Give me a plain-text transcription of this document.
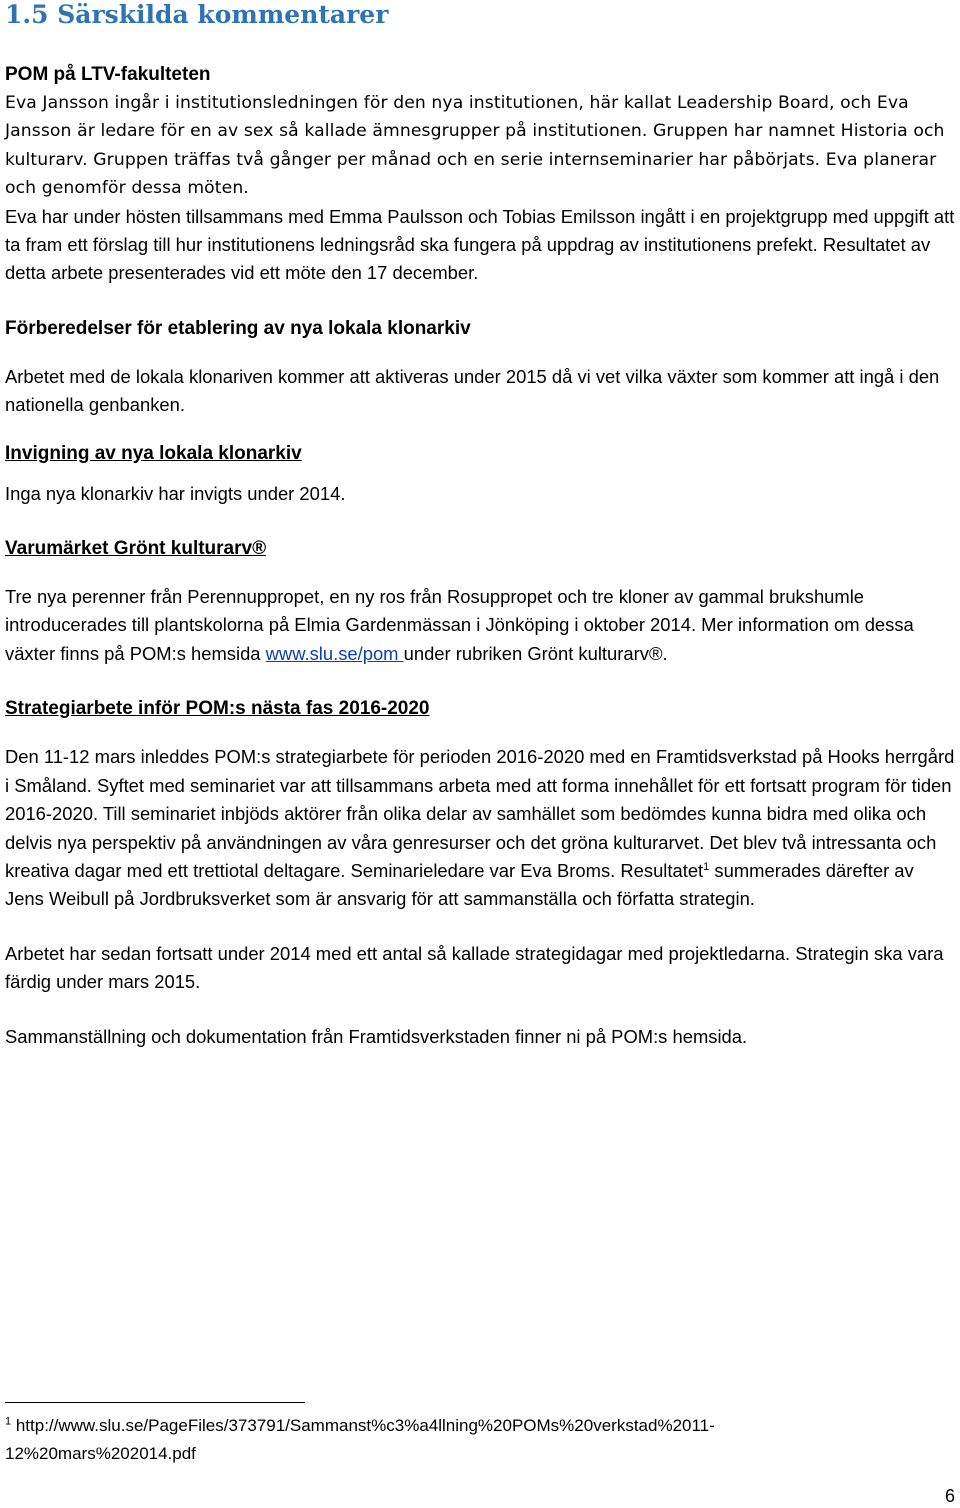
1.5 Särskilda kommentarer
POM på LTV-fakulteten

Eva Jansson ingår i institutionsledningen för den nya institutionen, här kallat Leadership Board, och Eva Jansson är ledare för en av sex så kallade ämnesgrupper på institutionen. Gruppen har namnet Historia och kulturarv. Gruppen träffas två gånger per månad och en serie internseminarier har påbörjats. Eva planerar och genomför dessa möten.

Eva har under hösten tillsammans med Emma Paulsson och Tobias Emilsson ingått i en projektgrupp med uppgift att ta fram ett förslag till hur institutionens ledningsråd ska fungera på uppdrag av institutionens prefekt. Resultatet av detta arbete presenterades vid ett möte den 17 december.

Förberedelser för etablering av nya lokala klonarkiv

Arbetet med de lokala klonariven kommer att aktiveras under 2015 då vi vet vilka växter som kommer att ingå i den nationella genbanken.

Invigning av nya lokala klonarkiv

Inga nya klonarkiv har invigts under 2014.

Varumärket Grönt kulturarv®

Tre nya perenner från Perennuppropet, en ny ros från Rosuppropet och tre kloner av gammal brukshumle introducerades till plantskolorna på Elmia Gardenmässan i Jönköping i oktober 2014. Mer information om dessa växter finns på POM:s hemsida www.slu.se/pom under rubriken Grönt kulturarv®.

Strategiarbete inför POM:s nästa fas 2016-2020

Den 11-12 mars inleddes POM:s strategiarbete för perioden 2016-2020 med en Framtidsverkstad på Hooks herrgård i Småland. Syftet med seminariet var att tillsammans arbeta med att forma innehållet för ett fortsatt program för tiden 2016-2020. Till seminariet inbjöds aktörer från olika delar av samhället som bedömdes kunna bidra med olika och delvis nya perspektiv på användningen av våra genresurser och det gröna kulturarvet. Det blev två intressanta och kreativa dagar med ett trettiotal deltagare. Seminarieledare var Eva Broms. Resultatet$^1$ summerades därefter av Jens Weibull på Jordbruksverket som är ansvarig för att sammanställa och författa strategin.

Arbetet har sedan fortsatt under 2014 med ett antal så kallade strategidagar med projektledarna. Strategin ska vara färdig under mars 2015.

Sammanställning och dokumentation från Framtidsverkstaden finner ni på POM:s hemsida.

$^1$ http://www.slu.se/PageFiles/373791/Sammanst%c3%a4llning%20POMs%20verkstad%2011-12%20mars%202014.pdf
6
